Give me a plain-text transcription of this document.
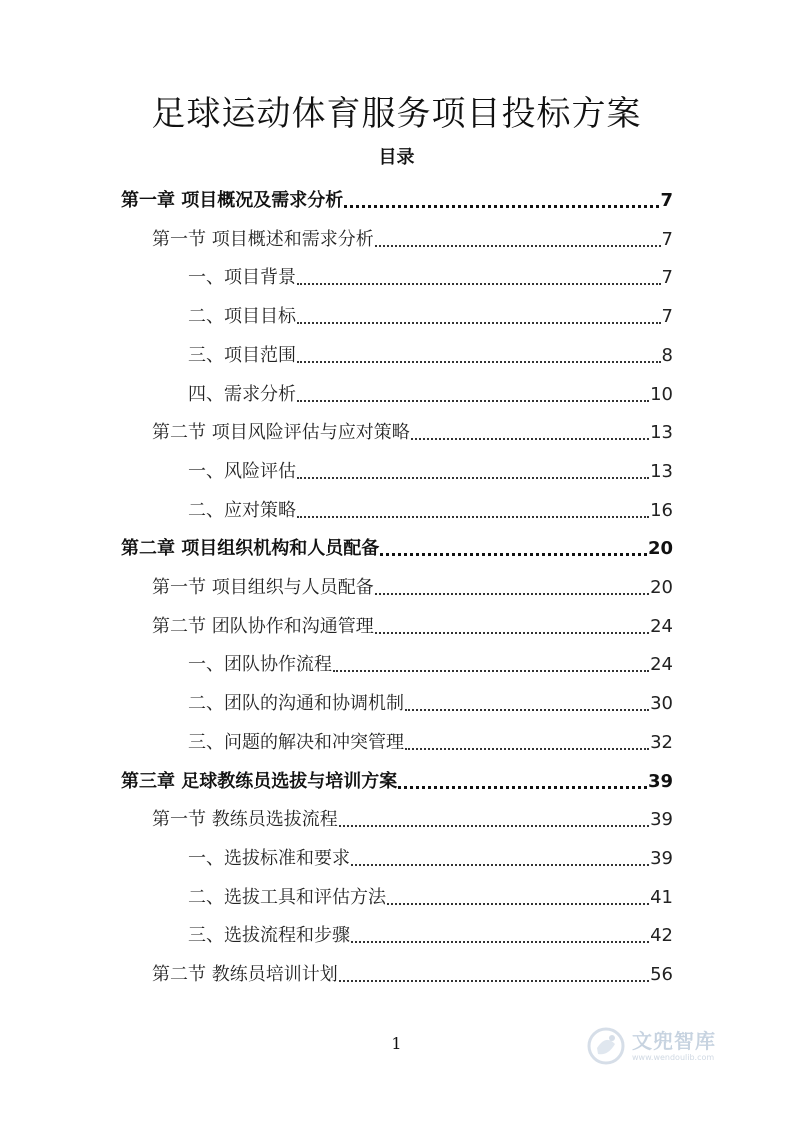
足球运动体育服务项目投标方案
目录
第一章 项目概况及需求分析	7
第一节 项目概述和需求分析	7
一、项目背景	7
二、项目目标	7
三、项目范围	8
四、需求分析	10
第二节 项目风险评估与应对策略	13
一、风险评估	13
二、应对策略	16
第二章 项目组织机构和人员配备	20
第一节 项目组织与人员配备	20
第二节 团队协作和沟通管理	24
一、团队协作流程	24
二、团队的沟通和协调机制	30
三、问题的解决和冲突管理	32
第三章 足球教练员选拔与培训方案	39
第一节 教练员选拔流程	39
一、选拔标准和要求	39
二、选拔工具和评估方法	41
三、选拔流程和步骤	42
第二节 教练员培训计划	56
1	文兜智库
www.wendoulib.com
